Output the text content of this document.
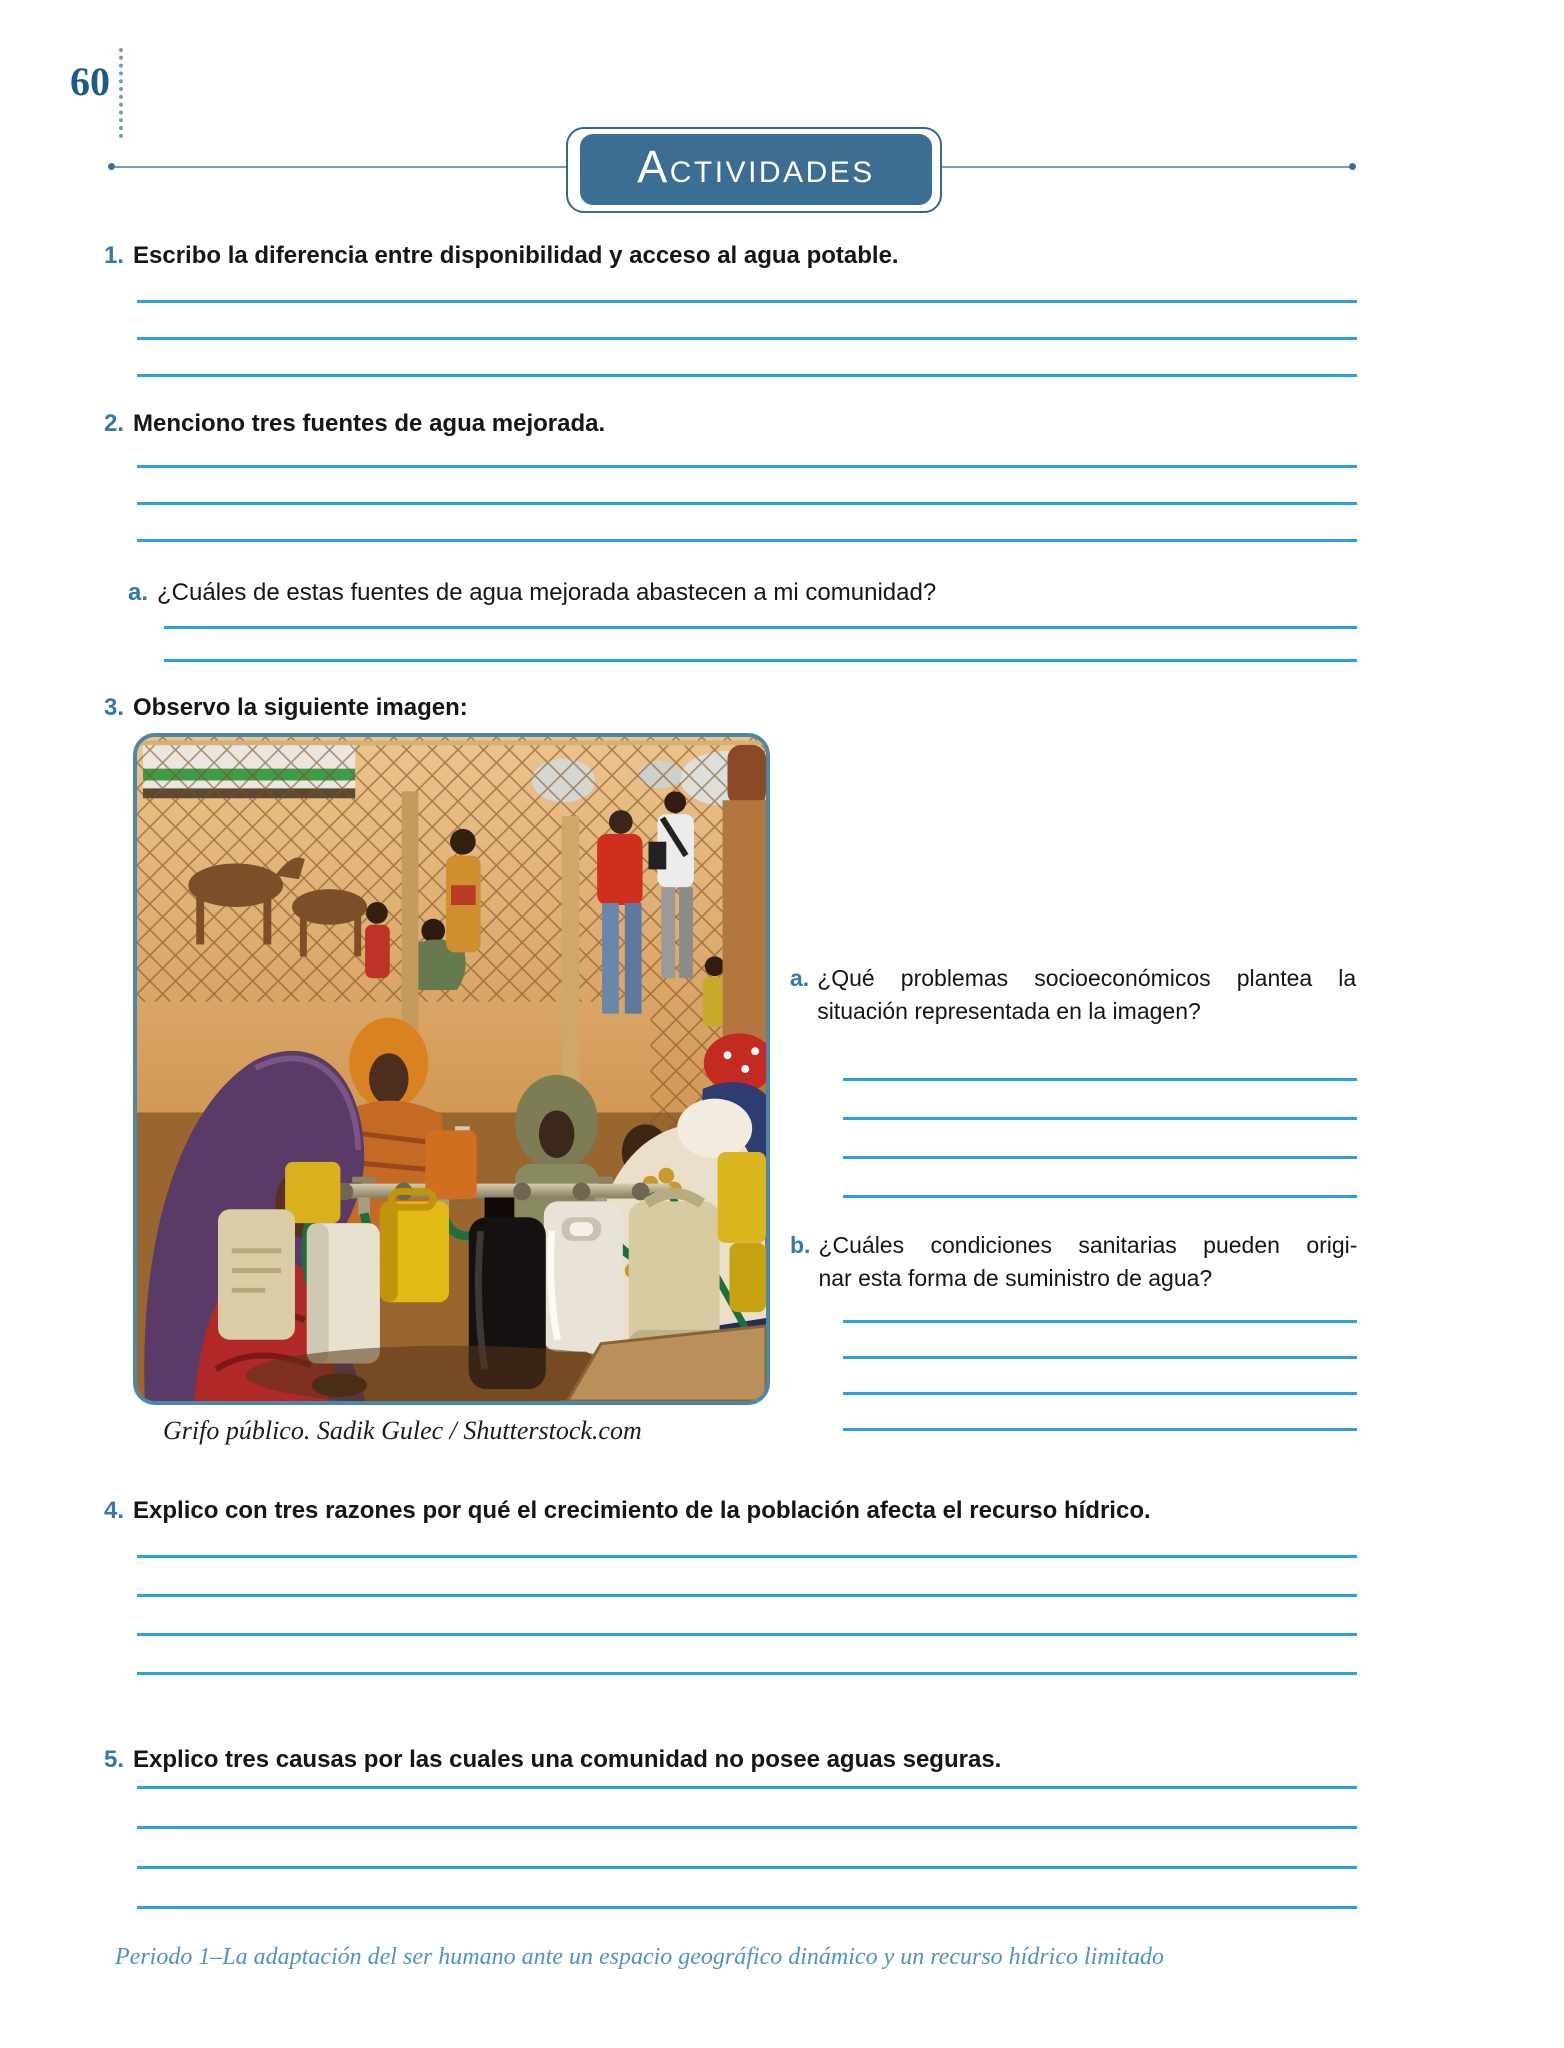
60
ACTIVIDADES
1. Escribo la diferencia entre disponibilidad y acceso al agua potable.
2. Menciono tres fuentes de agua mejorada.
a. ¿Cuáles de estas fuentes de agua mejorada abastecen a mi comunidad?
3. Observo la siguiente imagen:
Grifo público. Sadik Gulec / Shutterstock.com
a. ¿Qué problemas socioeconómicos plantea la
situación representada en la imagen?
b. ¿Cuáles condiciones sanitarias pueden origi-
nar esta forma de suministro de agua?
4. Explico con tres razones por qué el crecimiento de la población afecta el recurso hídrico.
5. Explico tres causas por las cuales una comunidad no posee aguas seguras.
Periodo 1–La adaptación del ser humano ante un espacio geográfico dinámico y un recurso hídrico limitado
